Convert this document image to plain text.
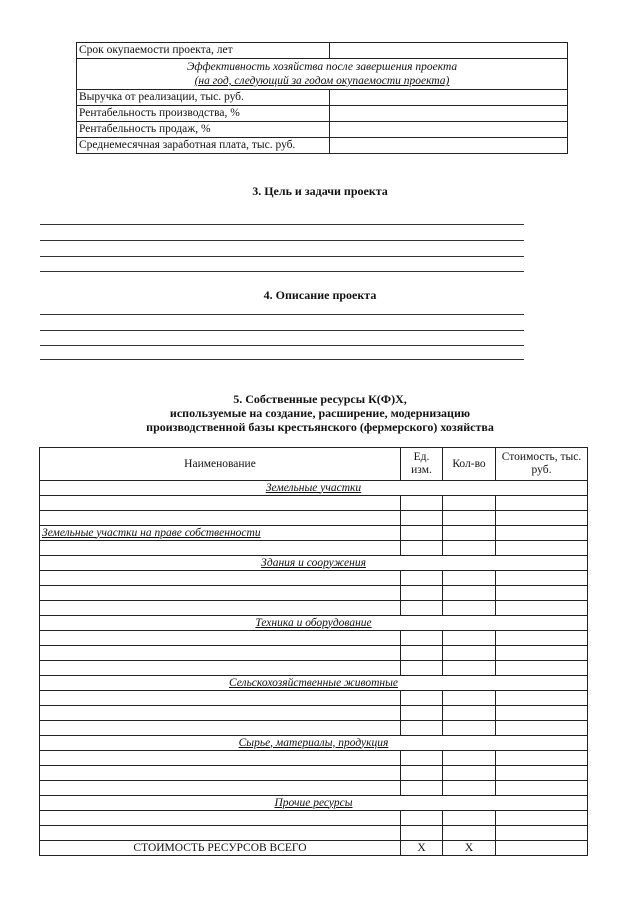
Срок окупаемости проекта, лет	

Эффективность хозяйства после завершения проекта
(на год, следующий за годом окупаемости проекта)	

Выручка от реализации, тыс. руб.	
Рентабельность производства, %	
Рентабельность продаж, %	
Среднемесячная заработная плата, тыс. руб.	
3. Цель и задачи проекта
4. Описание проекта
5. Собственные ресурсы К(Ф)Х,
используемые на создание, расширение, модернизацию
производственной базы крестьянского (фермерского) хозяйства
Наименование	Ед. изм.	Кол-во	Стоимость, тыс. руб.
Земельные участки			

Земельные участки на праве собственности			

Здания и сооружения			

Техника и оборудование			

Сельскохозяйственные животные			

Сырье, материалы, продукция			

Прочие ресурсы			

СТОИМОСТЬ РЕСУРСОВ ВСЕГО	Х	Х	
